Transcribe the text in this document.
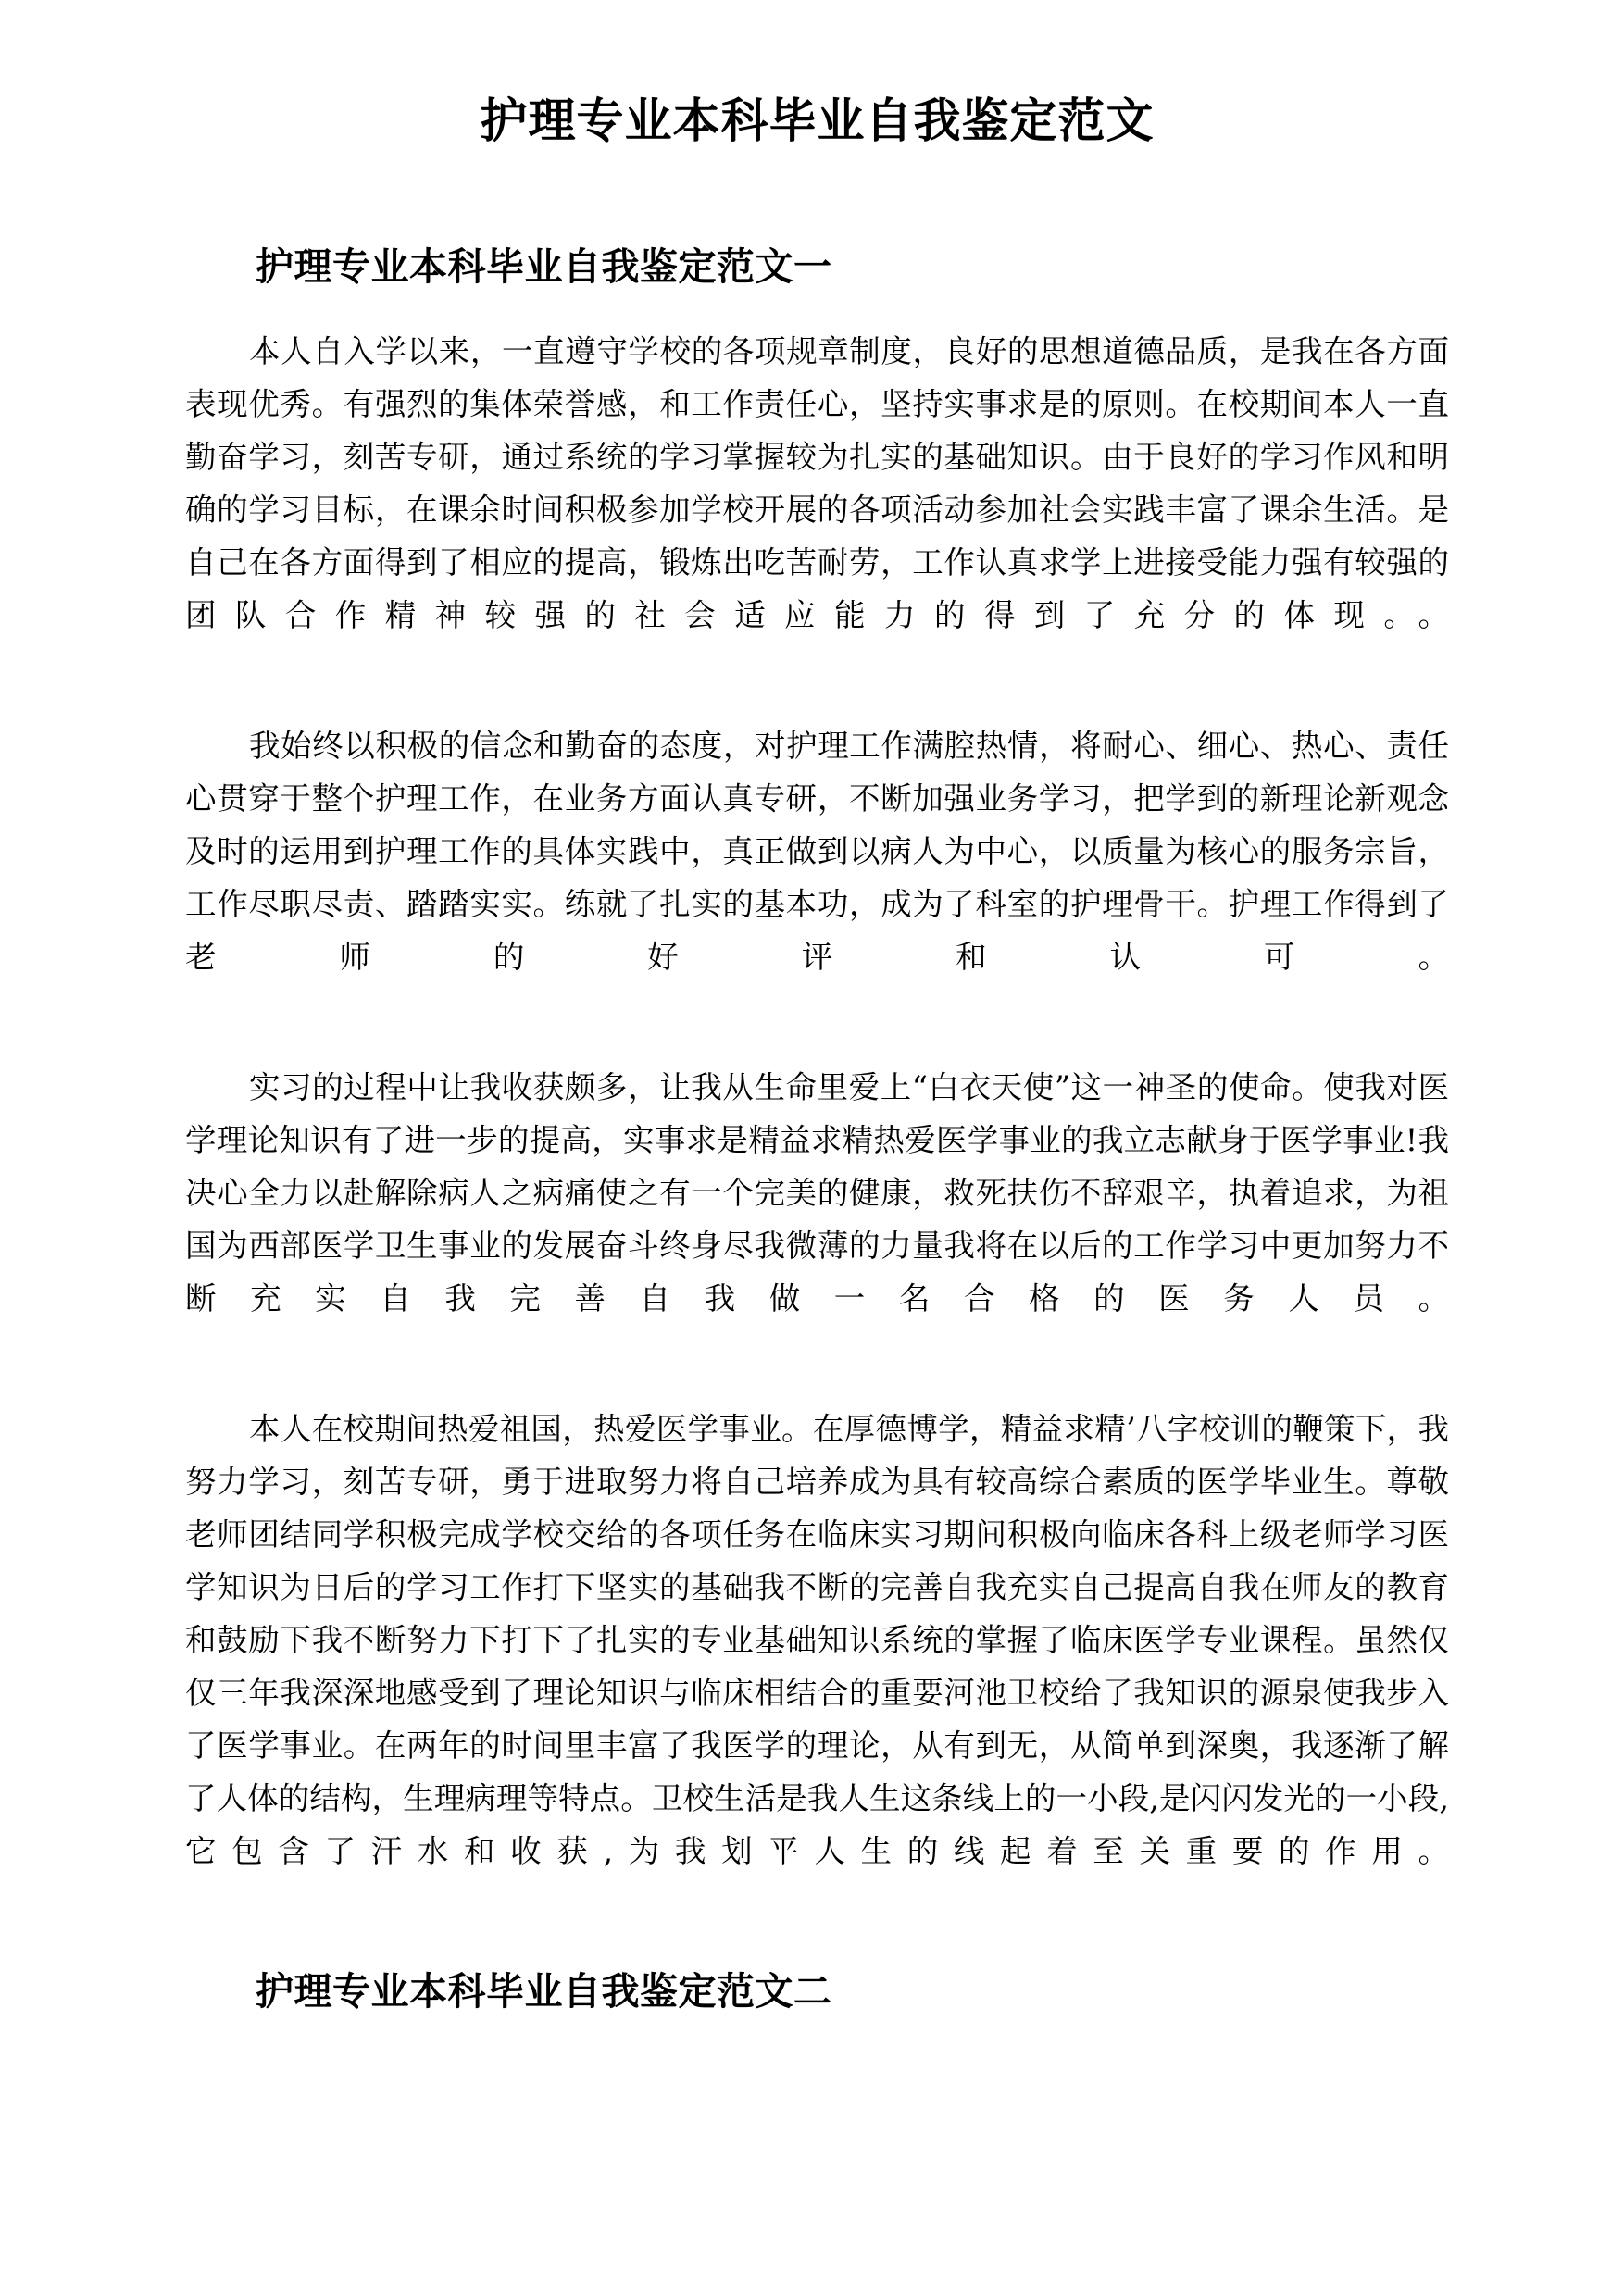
护理专业本科毕业自我鉴定范文
护理专业本科毕业自我鉴定范文一

本人自入学以来，一直遵守学校的各项规章制度，良好的思想道德品质，是我在各方面表现优秀。有强烈的集体荣誉感，和工作责任心，坚持实事求是的原则。在校期间本人一直勤奋学习，刻苦专研，通过系统的学习掌握较为扎实的基础知识。由于良好的学习作风和明确的学习目标，在课余时间积极参加学校开展的各项活动参加社会实践丰富了课余生活。是自己在各方面得到了相应的提高，锻炼出吃苦耐劳，工作认真求学上进接受能力强有较强的团队合作精神较强的社会适应能力的得到了充分的体现。。

我始终以积极的信念和勤奋的态度，对护理工作满腔热情，将耐心、细心、热心、责任心贯穿于整个护理工作，在业务方面认真专研，不断加强业务学习，把学到的新理论新观念及时的运用到护理工作的具体实践中，真正做到以病人为中心，以质量为核心的服务宗旨，工作尽职尽责、踏踏实实。练就了扎实的基本功，成为了科室的护理骨干。护理工作得到了老师的好评和认可。

实习的过程中让我收获颇多，让我从生命里爱上“白衣天使”这一神圣的使命。使我对医学理论知识有了进一步的提高，实事求是精益求精热爱医学事业的我立志献身于医学事业!我决心全力以赴解除病人之病痛使之有一个完美的健康，救死扶伤不辞艰辛，执着追求，为祖国为西部医学卫生事业的发展奋斗终身尽我微薄的力量我将在以后的工作学习中更加努力不断充实自我完善自我做一名合格的医务人员。

本人在校期间热爱祖国，热爱医学事业。在厚德博学，精益求精’八字校训的鞭策下，我努力学习，刻苦专研，勇于进取努力将自己培养成为具有较高综合素质的医学毕业生。尊敬老师团结同学积极完成学校交给的各项任务在临床实习期间积极向临床各科上级老师学习医学知识为日后的学习工作打下坚实的基础我不断的完善自我充实自己提高自我在师友的教育和鼓励下我不断努力下打下了扎实的专业基础知识系统的掌握了临床医学专业课程。虽然仅仅三年我深深地感受到了理论知识与临床相结合的重要河池卫校给了我知识的源泉使我步入了医学事业。在两年的时间里丰富了我医学的理论，从有到无，从简单到深奥，我逐渐了解了人体的结构，生理病理等特点。卫校生活是我人生这条线上的一小段,是闪闪发光的一小段,它包含了汗水和收获,为我划平人生的线起着至关重要的作用。

护理专业本科毕业自我鉴定范文二
